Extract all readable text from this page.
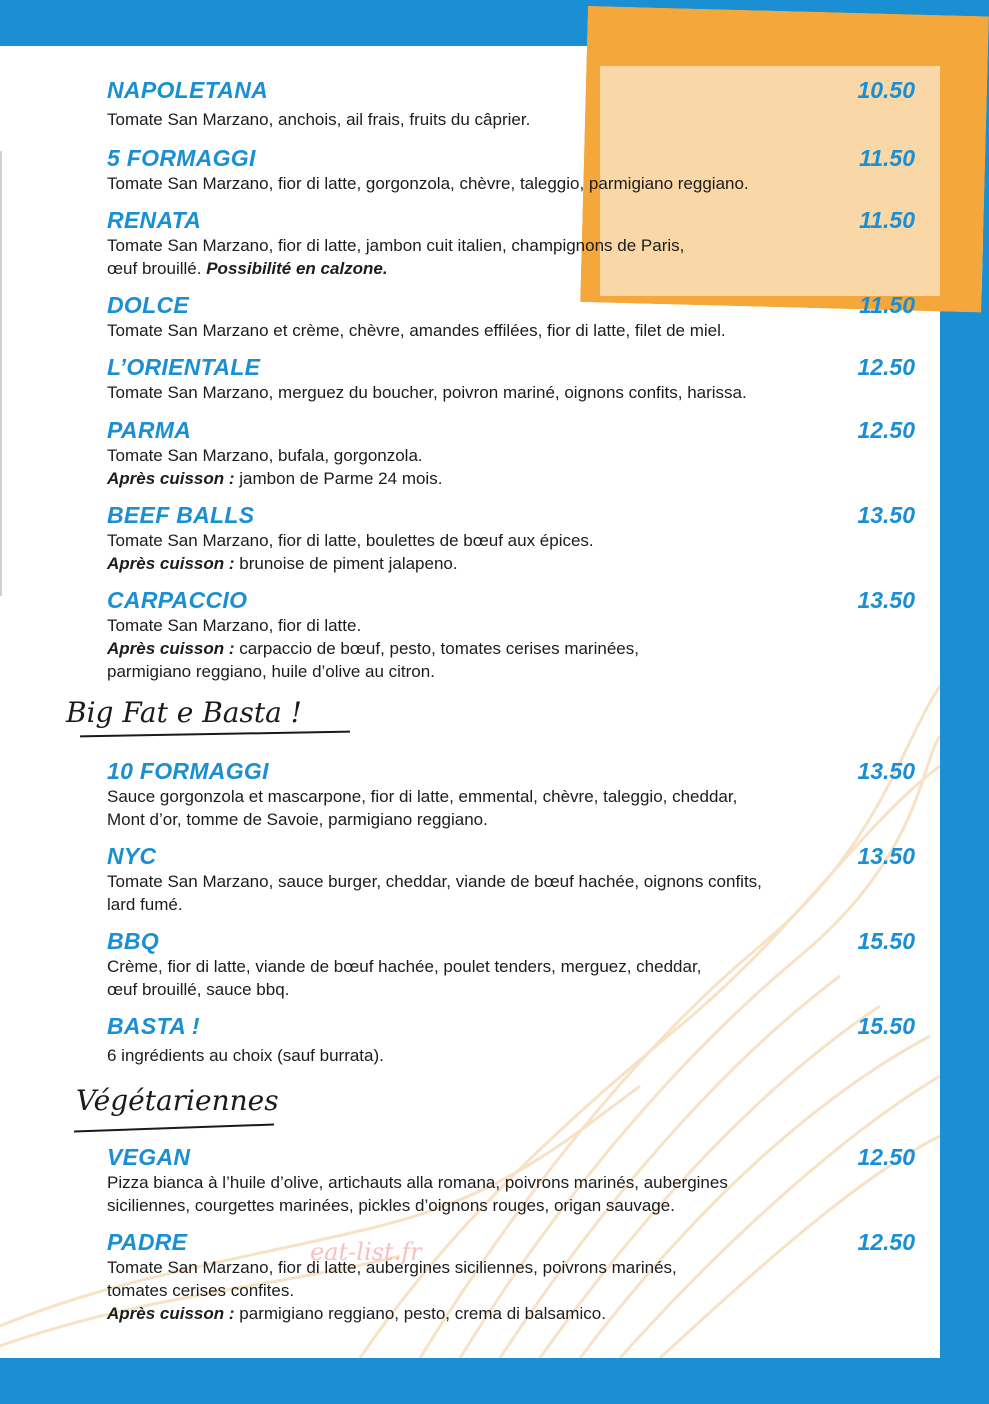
NAPOLETANA	10.50
Tomate San Marzano, anchois, ail frais, fruits du câprier.
5 FORMAGGI	11.50
Tomate San Marzano, fior di latte, gorgonzola, chèvre, taleggio, parmigiano reggiano.
RENATA	11.50
Tomate San Marzano, fior di latte, jambon cuit italien, champignons de Paris,
œuf brouillé. Possibilité en calzone.
DOLCE	11.50
Tomate San Marzano et crème, chèvre, amandes effilées, fior di latte, filet de miel.
L’ORIENTALE	12.50
Tomate San Marzano, merguez du boucher, poivron mariné, oignons confits, harissa.
PARMA	12.50
Tomate San Marzano, bufala, gorgonzola.
Après cuisson : jambon de Parme 24 mois.
BEEF BALLS	13.50
Tomate San Marzano, fior di latte, boulettes de bœuf aux épices.
Après cuisson : brunoise de piment jalapeno.
CARPACCIO	13.50
Tomate San Marzano, fior di latte.
Après cuisson : carpaccio de bœuf, pesto, tomates cerises marinées,
parmigiano reggiano, huile d’olive au citron.
Big Fat e Basta !
10 FORMAGGI	13.50
Sauce gorgonzola et mascarpone, fior di latte, emmental, chèvre, taleggio, cheddar,
Mont d’or, tomme de Savoie, parmigiano reggiano.
NYC	13.50
Tomate San Marzano, sauce burger, cheddar, viande de bœuf hachée, oignons confits,
lard fumé.
BBQ	15.50
Crème, fior di latte, viande de bœuf hachée, poulet tenders, merguez, cheddar,
œuf brouillé, sauce bbq.
BASTA !	15.50
6 ingrédients au choix (sauf burrata).
Végétariennes
VEGAN	12.50
Pizza bianca à l’huile d’olive, artichauts alla romana, poivrons marinés, aubergines
siciliennes, courgettes marinées, pickles d’oignons rouges, origan sauvage.
PADRE	12.50
Tomate San Marzano, fior di latte, aubergines siciliennes, poivrons marinés,
tomates cerises confites.
Après cuisson : parmigiano reggiano, pesto, crema di balsamico.
eat-list.fr
